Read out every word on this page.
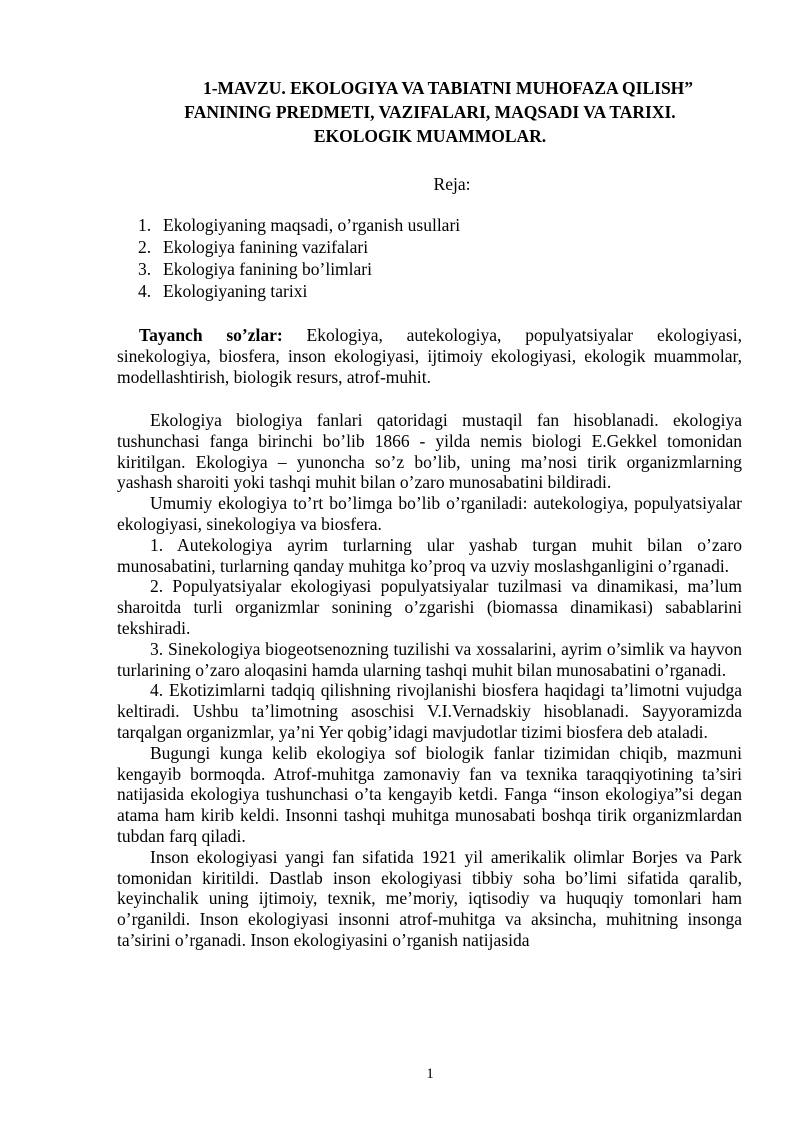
1-MAVZU. EKOLOGIYA VA TABIATNI MUHOFAZA QILISH”
FANINING PREDMETI, VAZIFALARI, MAQSADI VA TARIXI.
EKOLOGIK MUAMMOLAR.
Reja:
1. Ekologiyaning maqsadi, o’rganish usullari
2. Ekologiya fanining vazifalari
3. Ekologiya fanining bo’limlari
4. Ekologiyaning tarixi

Tayanch so’zlar: Ekologiya, autekologiya, populyatsiyalar ekologiyasi, sinekologiya, biosfera, inson ekologiyasi, ijtimoiy ekologiyasi, ekologik muammolar, modellashtirish, biologik resurs, atrof-muhit.

Ekologiya biologiya fanlari qatoridagi mustaqil fan hisoblanadi. ekologiya tushunchasi fanga birinchi bo’lib 1866 - yilda nemis biologi E.Gekkel tomonidan kiritilgan. Ekologiya – yunoncha so’z bo’lib, uning ma’nosi tirik organizmlarning yashash sharoiti yoki tashqi muhit bilan o’zaro munosabatini bildiradi.

Umumiy ekologiya to’rt bo’limga bo’lib o’rganiladi: autekologiya, populyatsiyalar ekologiyasi, sinekologiya va biosfera.

1. Autekologiya ayrim turlarning ular yashab turgan muhit bilan o’zaro munosabatini, turlarning qanday muhitga ko’proq va uzviy moslashganligini o’rganadi.

2. Populyatsiyalar ekologiyasi populyatsiyalar tuzilmasi va dinamikasi, ma’lum sharoitda turli organizmlar sonining o’zgarishi (biomassa dinamikasi) sabablarini tekshiradi.

3. Sinekologiya biogeotsenozning tuzilishi va xossalarini, ayrim o’simlik va hayvon turlarining o’zaro aloqasini hamda ularning tashqi muhit bilan munosabatini o’rganadi.

4. Ekotizimlarni tadqiq qilishning rivojlanishi biosfera haqidagi ta’limotni vujudga keltiradi. Ushbu ta’limotning asoschisi V.I.Vernadskiy hisoblanadi. Sayyoramizda tarqalgan organizmlar, ya’ni Yer qobig’idagi mavjudotlar tizimi biosfera deb ataladi.

Bugungi kunga kelib ekologiya sof biologik fanlar tizimidan chiqib, mazmuni kengayib bormoqda. Atrof-muhitga zamonaviy fan va texnika taraqqiyotining ta’siri natijasida ekologiya tushunchasi o’ta kengayib ketdi. Fanga “inson ekologiya”si degan atama ham kirib keldi. Insonni tashqi muhitga munosabati boshqa tirik organizmlardan tubdan farq qiladi.

Inson ekologiyasi yangi fan sifatida 1921 yil amerikalik olimlar Borjes va Park tomonidan kiritildi. Dastlab inson ekologiyasi tibbiy soha bo’limi sifatida qaralib, keyinchalik uning ijtimoiy, texnik, me’moriy, iqtisodiy va huquqiy tomonlari ham o’rganildi. Inson ekologiyasi insonni atrof-muhitga va aksincha, muhitning insonga ta’sirini o’rganadi. Inson ekologiyasini o’rganish natijasida

1
